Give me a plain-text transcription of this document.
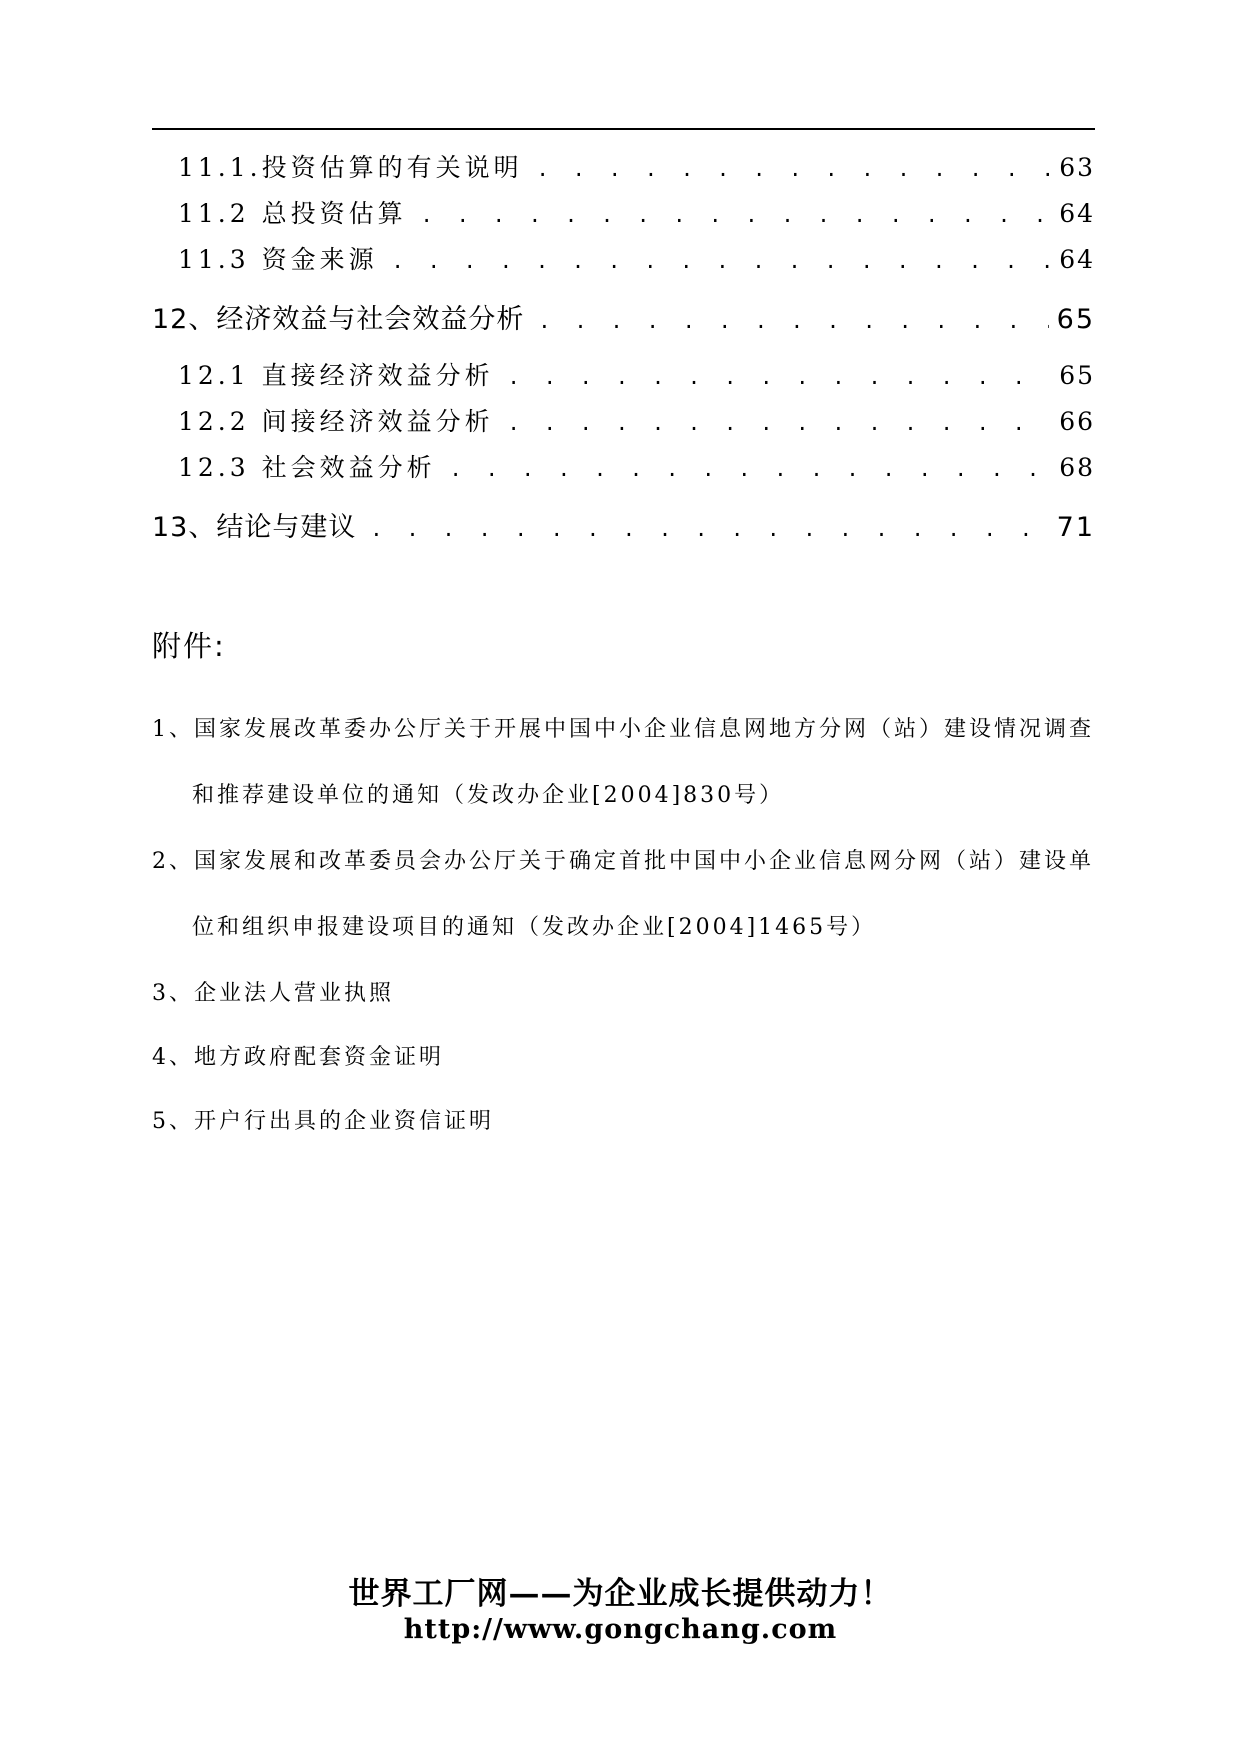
11.1.投资估算的有关说明 . . .	63
11.2 总投资估算 . . .	64
11.3 资金来源 . . .	64
12、经济效益与社会效益分析 . . .	65
12.1 直接经济效益分析 . . .	65
12.2 间接经济效益分析 . . .	66
12.3 社会效益分析 . . .	68
13、结论与建议 . . .	71
附件:
1、国家发展改革委办公厅关于开展中国中小企业信息网地方分网（站）建设情况调查
和推荐建设单位的通知（发改办企业[2004]830号）
2、国家发展和改革委员会办公厅关于确定首批中国中小企业信息网分网（站）建设单
位和组织申报建设项目的通知（发改办企业[2004]1465号）
3、企业法人营业执照
4、地方政府配套资金证明
5、开户行出具的企业资信证明
世界工厂网——为企业成长提供动力！
http://www.gongchang.com
